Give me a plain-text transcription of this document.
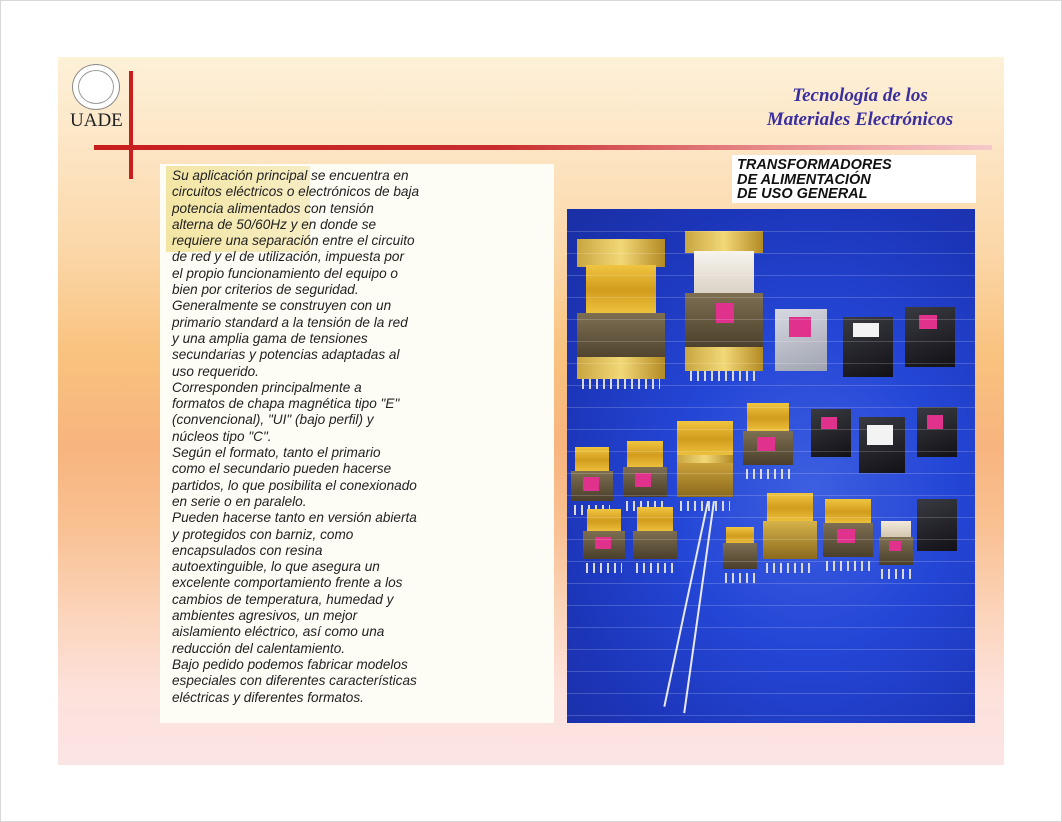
UADE
Tecnología de los
Materiales Electrónicos
Su aplicación principal se encuentra en
circuitos eléctricos o electrónicos de baja
potencia alimentados con tensión
alterna de 50/60Hz y en donde se
requiere una separación entre el circuito
de red y el de utilización, impuesta por
el propio funcionamiento del equipo o
bien por criterios de seguridad.
Generalmente se construyen con un
primario standard a la tensión de la red
y una amplia gama de tensiones
secundarias y potencias adaptadas al
uso requerido.
Corresponden principalmente a
formatos de chapa magnética tipo "E"
(convencional), "UI" (bajo perfil) y
núcleos tipo "C".
Según el formato, tanto el primario
como el secundario pueden hacerse
partidos, lo que posibilita el conexionado
en serie o en paralelo.
Pueden hacerse tanto en versión abierta
y protegidos con barniz, como
encapsulados con resina
autoextinguible, lo que asegura un
excelente comportamiento frente a los
cambios de temperatura, humedad y
ambientes agresivos, un mejor
aislamiento eléctrico, así como una
reducción del calentamiento.
Bajo pedido podemos fabricar modelos
especiales con diferentes características
eléctricas y diferentes formatos.
TRANSFORMADORES
DE ALIMENTACIÓN
DE USO GENERAL
